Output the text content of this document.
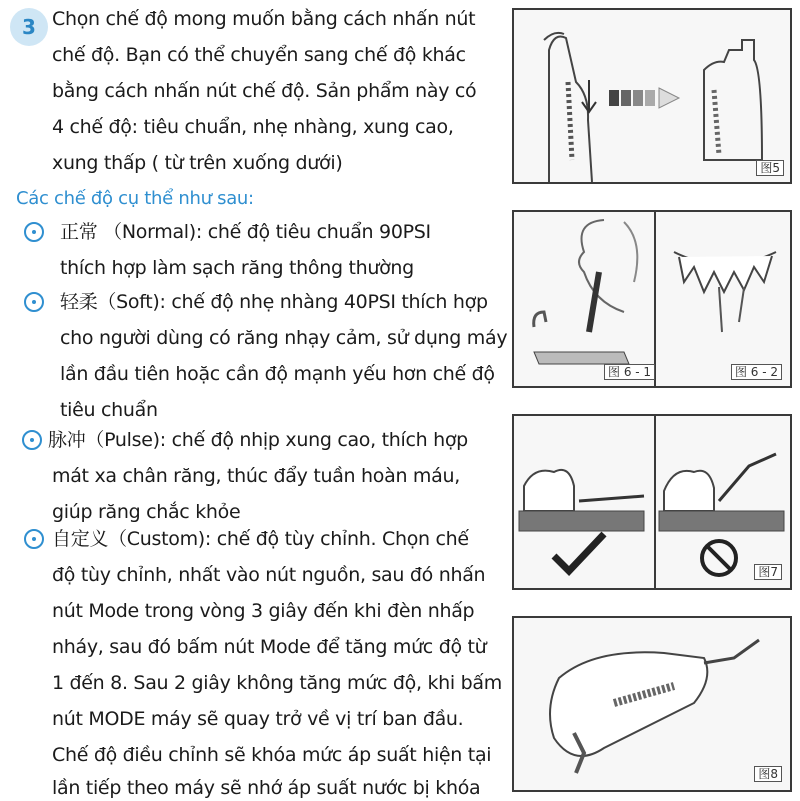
3 Chọn chế độ mong muốn bằng cách nhấn nút
chế độ. Bạn có thể chuyển sang chế độ khác
bằng cách nhấn nút chế độ. Sản phẩm này có
4 chế độ: tiêu chuẩn, nhẹ nhàng, xung cao,
xung thấp ( từ trên xuống dưới)
Các chế độ cụ thể như sau:
正常 （Normal): chế độ tiêu chuẩn 90PSI
thích hợp làm sạch răng thông thường
轻柔（Soft): chế độ nhẹ nhàng 40PSI thích hợp
cho người dùng có răng nhạy cảm, sử dụng máy
lần đầu tiên hoặc cần độ mạnh yếu hơn chế độ
tiêu chuẩn
脉冲（Pulse): chế độ nhịp xung cao, thích hợp
mát xa chân răng, thúc đẩy tuần hoàn máu,
giúp răng chắc khỏe
自定义（Custom): chế độ tùy chỉnh. Chọn chế
độ tùy chỉnh, nhất vào nút nguồn, sau đó nhấn
nút Mode trong vòng 3 giây đến khi đèn nhấp
nháy, sau đó bấm nút Mode để tăng mức độ từ
1 đến 8. Sau 2 giây không tăng mức độ, khi bấm
nút MODE máy sẽ quay trở về vị trí ban đầu.
Chế độ điều chỉnh sẽ khóa mức áp suất hiện tại
lần tiếp theo máy sẽ nhớ áp suất nước bị khóa
图5
图 6 - 1	图 6 - 2
图7
图8
